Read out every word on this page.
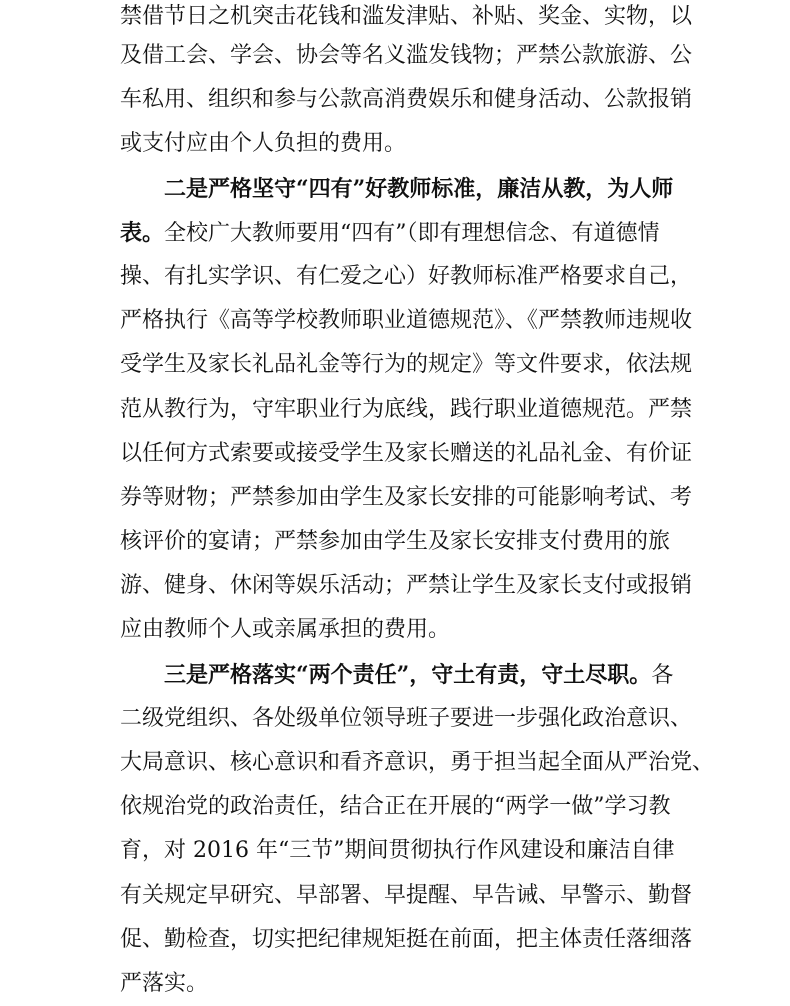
禁借节日之机突击花钱和滥发津贴、补贴、奖金、实物，以
及借工会、学会、协会等名义滥发钱物；严禁公款旅游、公
车私用、组织和参与公款高消费娱乐和健身活动、公款报销
或支付应由个人负担的费用。
二是严格坚守“四有”好教师标准，廉洁从教，为人师
表。全校广大教师要用“四有”（即有理想信念、有道德情
操、有扎实学识、有仁爱之心）好教师标准严格要求自己，
严格执行《高等学校教师职业道德规范》、《严禁教师违规收
受学生及家长礼品礼金等行为的规定》等文件要求，依法规
范从教行为，守牢职业行为底线，践行职业道德规范。严禁
以任何方式索要或接受学生及家长赠送的礼品礼金、有价证
券等财物；严禁参加由学生及家长安排的可能影响考试、考
核评价的宴请；严禁参加由学生及家长安排支付费用的旅
游、健身、休闲等娱乐活动；严禁让学生及家长支付或报销
应由教师个人或亲属承担的费用。
三是严格落实“两个责任”，守土有责，守土尽职。各
二级党组织、各处级单位领导班子要进一步强化政治意识、
大局意识、核心意识和看齐意识，勇于担当起全面从严治党、
依规治党的政治责任，结合正在开展的“两学一做”学习教
育，对 2016 年“三节”期间贯彻执行作风建设和廉洁自律
有关规定早研究、早部署、早提醒、早告诫、早警示、勤督
促、勤检查，切实把纪律规矩挺在前面，把主体责任落细落
严落实。
